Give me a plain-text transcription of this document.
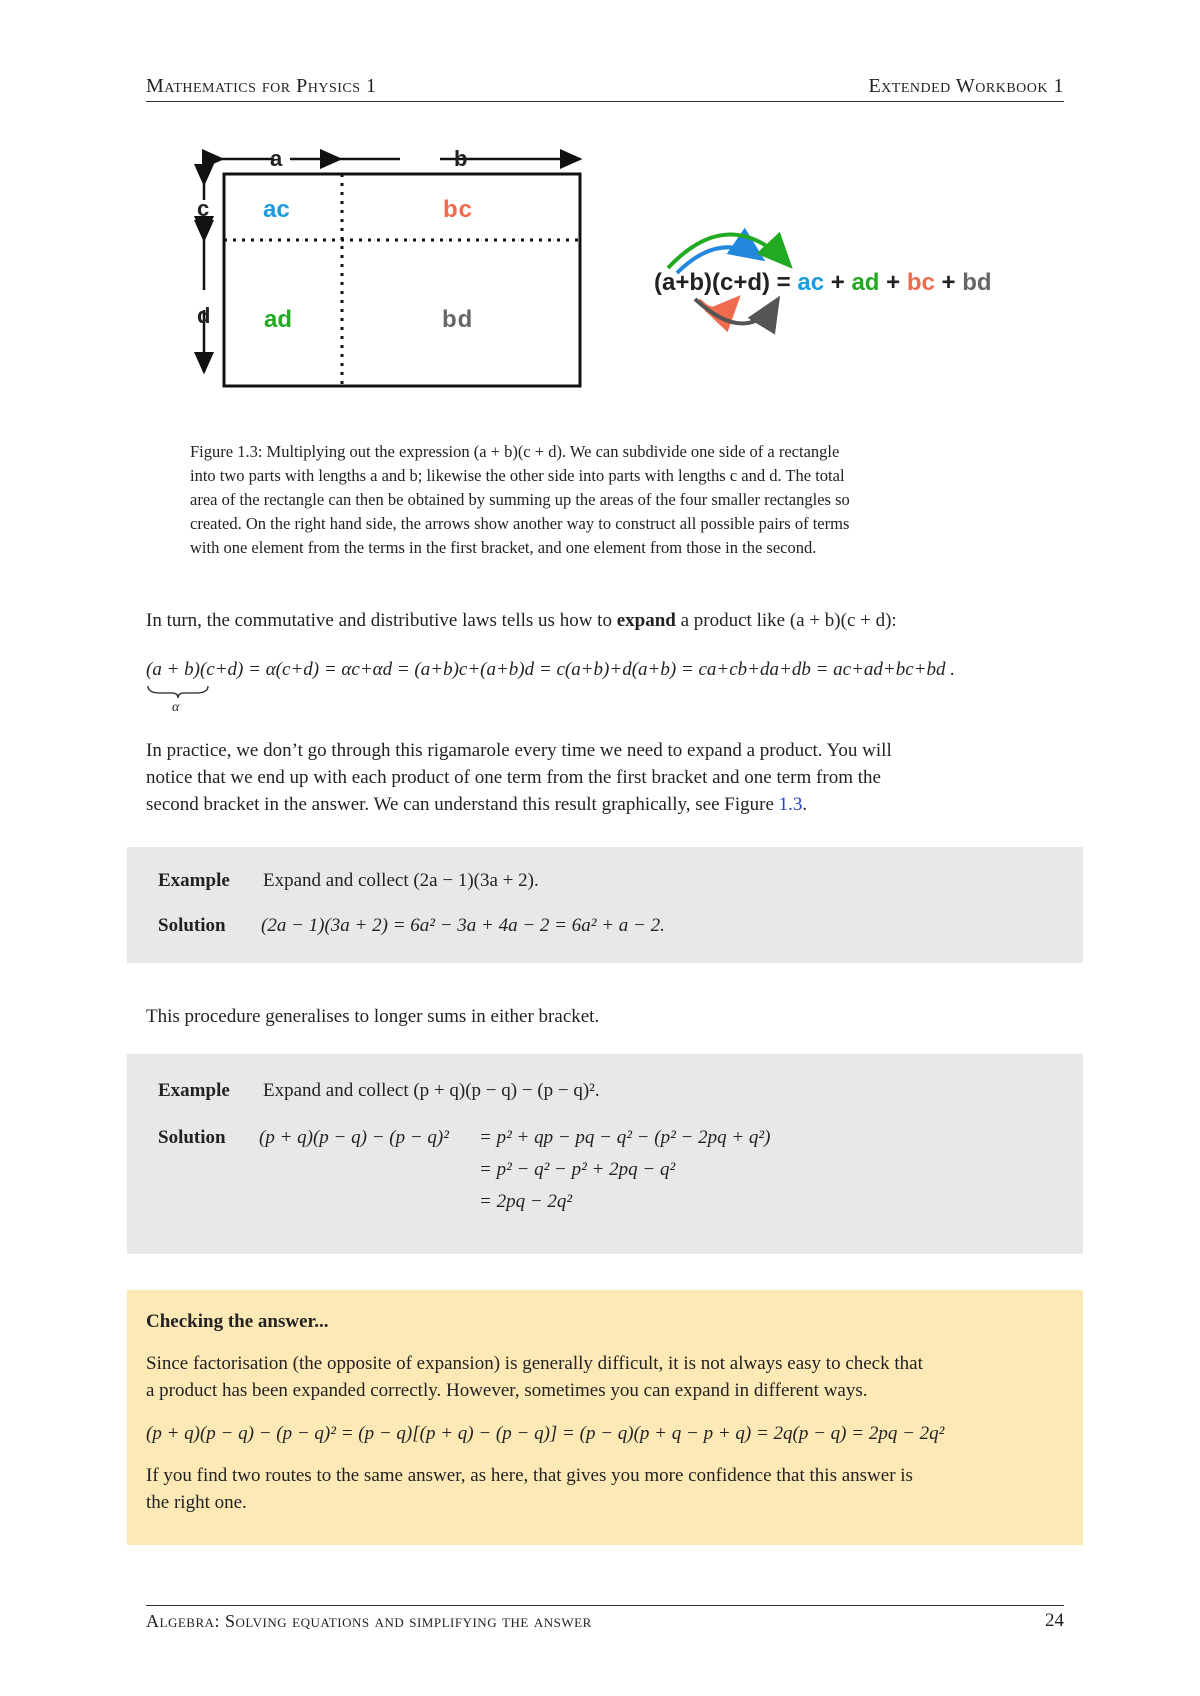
Mathematics for Physics 1	Extended Workbook 1
a	b
c
d
ac	bc
ad	bd
(a+b)(c+d) = ac + ad + bc + bd
Figure 1.3: Multiplying out the expression (a + b)(c + d). We can subdivide one side of a rectangle
into two parts with lengths a and b; likewise the other side into parts with lengths c and d. The total
area of the rectangle can then be obtained by summing up the areas of the four smaller rectangles so
created. On the right hand side, the arrows show another way to construct all possible pairs of terms
with one element from the terms in the first bracket, and one element from those in the second.
In turn, the commutative and distributive laws tells us how to expand a product like (a + b)(c + d):
(a + b)(c+d) = α(c+d) = αc+αd = (a+b)c+(a+b)d = c(a+b)+d(a+b) = ca+cb+da+db = ac+ad+bc+bd .
α
In practice, we don’t go through this rigamarole every time we need to expand a product. You will
notice that we end up with each product of one term from the first bracket and one term from the
second bracket in the answer. We can understand this result graphically, see Figure 1.3.
Example Expand and collect (2a − 1)(3a + 2).
Solution (2a − 1)(3a + 2) = 6a² − 3a + 4a − 2 = 6a² + a − 2.
This procedure generalises to longer sums in either bracket.
Example Expand and collect (p + q)(p − q) − (p − q)².
Solution (p + q)(p − q) − (p − q)² = p² + qp − pq − q² − (p² − 2pq + q²)
= p² − q² − p² + 2pq − q²
= 2pq − 2q²
Checking the answer...
Since factorisation (the opposite of expansion) is generally difficult, it is not always easy to check that
a product has been expanded correctly. However, sometimes you can expand in different ways.
(p + q)(p − q) − (p − q)² = (p − q)[(p + q) − (p − q)] = (p − q)(p + q − p + q) = 2q(p − q) = 2pq − 2q²
If you find two routes to the same answer, as here, that gives you more confidence that this answer is
the right one.
Algebra: Solving equations and simplifying the answer	24
